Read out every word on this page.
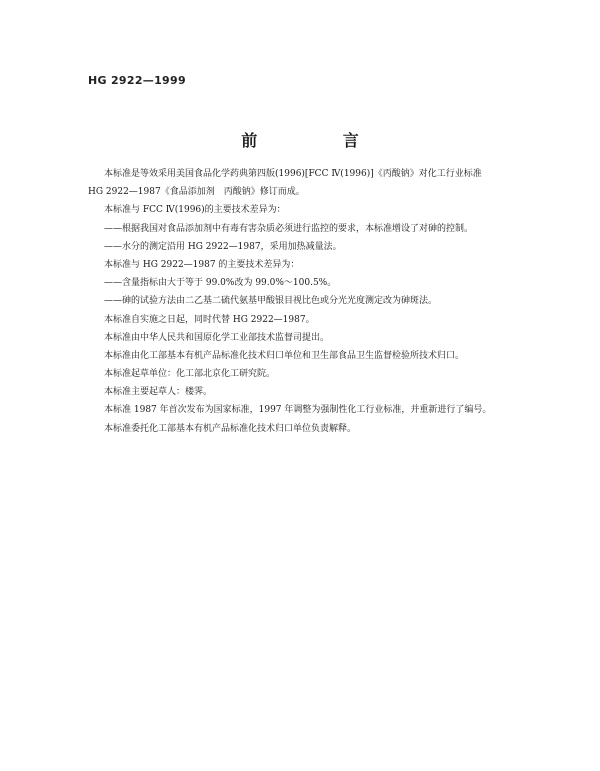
HG 2922—1999
前 言
本标准是等效采用美国食品化学药典第四版(1996)[FCC Ⅳ(1996)]《丙酸钠》对化工行业标准
HG 2922—1987《食品添加剂　丙酸钠》修订而成。
本标准与 FCC Ⅳ(1996)的主要技术差异为：
——根据我国对食品添加剂中有毒有害杂质必须进行监控的要求，本标准增设了对砷的控制。
——水分的测定沿用 HG 2922—1987，采用加热减量法。
本标准与 HG 2922—1987 的主要技术差异为：
——含量指标由大于等于 99.0%改为 99.0%～100.5%。
——砷的试验方法由二乙基二硫代氨基甲酸银目视比色或分光光度测定改为砷斑法。
本标准自实施之日起，同时代替 HG 2922—1987。
本标准由中华人民共和国原化学工业部技术监督司提出。
本标准由化工部基本有机产品标准化技术归口单位和卫生部食品卫生监督检验所技术归口。
本标准起草单位：化工部北京化工研究院。
本标准主要起草人：楼霁。
本标准 1987 年首次发布为国家标准，1997 年调整为强制性化工行业标准，并重新进行了编号。
本标准委托化工部基本有机产品标准化技术归口单位负责解释。
